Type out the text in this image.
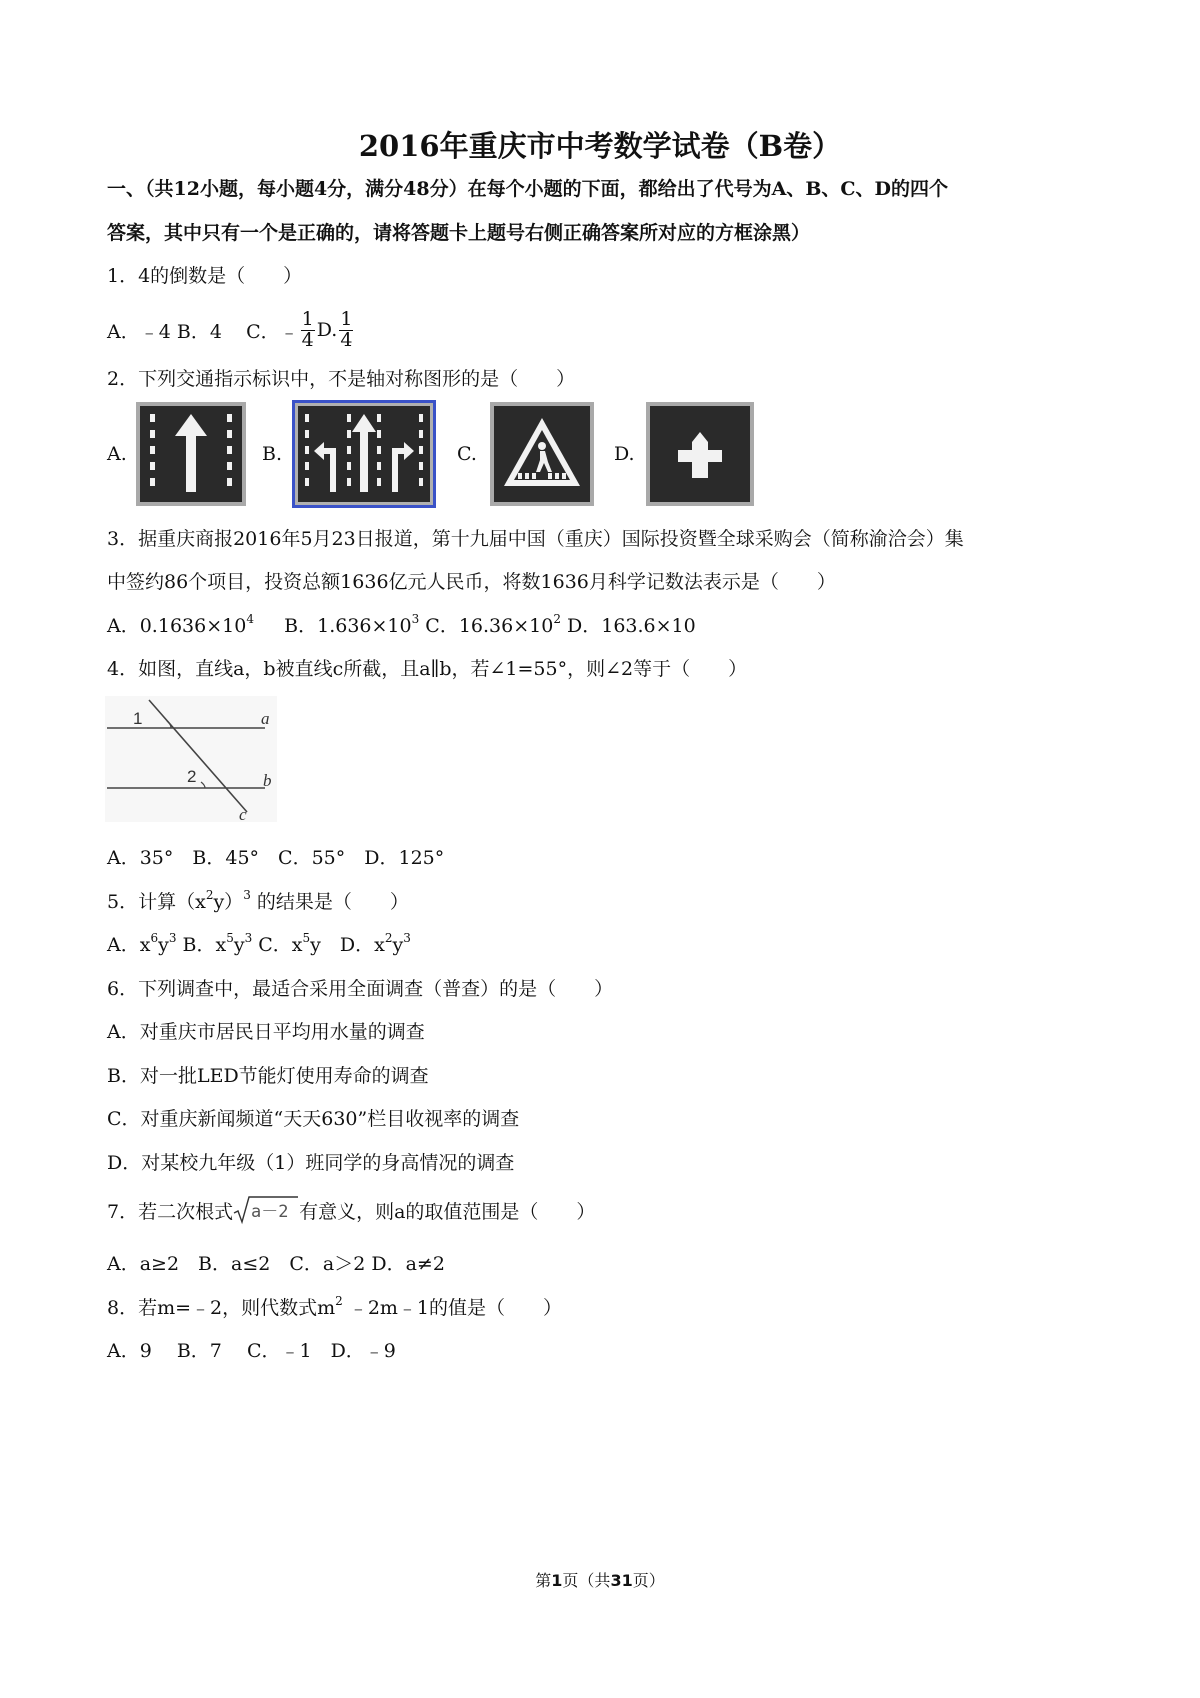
2016年重庆市中考数学试卷（B卷）
一、（共12小题，每小题4分，满分48分）在每个小题的下面，都给出了代号为A、B、C、D的四个
答案，其中只有一个是正确的，请将答题卡上题号右侧正确答案所对应的方框涂黑）
1．4的倒数是（　　）
A．﹣4
B．4
C．﹣ $\frac{1}{4} D$. $\frac{1}{4}$
2．下列交通指示标识中，不是轴对称图形的是（　　）
A.	B.	C.	D.
3．据重庆商报2016年5月23日报道，第十九届中国（重庆）国际投资暨全球采购会（简称渝洽会）集
中签约86个项目，投资总额1636亿元人民币，将数1636月科学记数法表示是（　　）
A．$0.1636\times 10^4$ B．$1.636\times 10^3$ C．$16.36\times 10^2$ D．163.6×10
4．如图，直线a，b被直线c所截，且a∥b，若∠1=55°，则∠2等于（　　）
1
2
a
b
c
A．35°　B．45°　C．55°　D．125°
5．计算$(x^2y)^3$ 的结果是（　　）
A．$x^6y^3$ B．$x^5y^3$ C．$x^5y$　D．$x^2y^3$
6．下列调查中，最适合采用全面调查（普查）的是（　　）
A．对重庆市居民日平均用水量的调查
B．对一批LED节能灯使用寿命的调查
C．对重庆新闻频道“天天630”栏目收视率的调查
D．对某校九年级（1）班同学的身高情况的调查
7．若二次根式 a－2 有意义，则a的取值范围是（　　）
A．a≥2　B．a≤2　C．a＞2 D．a≠2
8．若m=﹣2，则代数式$m^2$ ﹣2m﹣1的值是（　　）
A．9　 B．7　 C．﹣1　D．﹣9
第1页（共31页）
